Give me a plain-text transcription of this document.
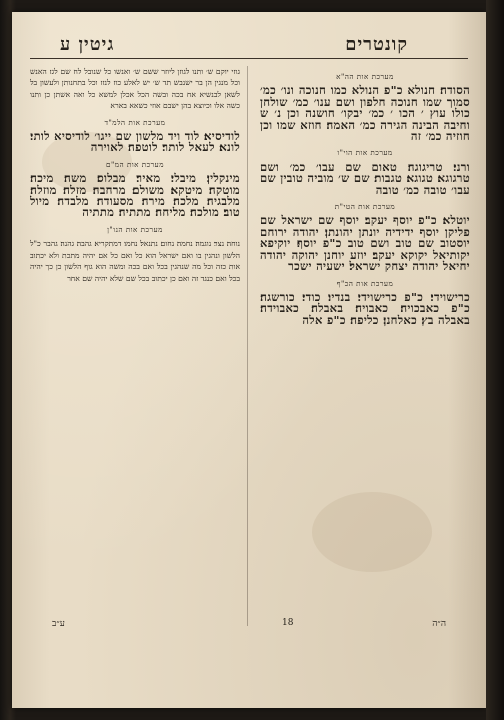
קונטרים
גיטין ע
מערכת אות הה"א

הסודה׃ חנולא כ"פ הנולא כמו חנוכה ונו׳ כמ׳ סמוך שמו חנוכה חלפון ושם ענו׳ כמ׳ שולחן כולו עוץ ׳ הכו ׳ כמ׳ יבקו׳ חושנה וכן נ׳ ש וחיבה הבינה הגירה כמ׳ האמה׃ חוזא שמו וכן חוזיה כמ׳ זה

מערכת אות הוי"ו

ורני׃ טריגוגה׃ טאום שם עבו׳ כמ׳ ושם טרגוגא׃ טגוגא׃ טגבות׃ שם ש׳ מוביה טובין שם עבו׳ טובה כמ׳ טובה

מערכת אות הטי"ת

יוטלא׃ כ"פ יוסף יעקב׃ יוסף שם ישראל שם פליקן יוסף ידידיה יונתן יהונתן׃ יהודה ירוחם יוסטוב שם טוב ושם טוב כ"פ יוסף׃ יוקיפא יקותיאל יקוקא יעקב׃ יוזע יוחנן יהוקה יהודה יחיאל יהודה יצחק ישראל׃ ישעיה ישכר

מערכת אות הכ"ף

כרישוידי׃ כ"פ כרישוידי׃ בנדיו׃ כודי׃ כורשגה׃ כ"פ כאבכויה׃ כאבויה׃ באבלה׃ כאבוידה׃ באבלה בץ׃ כאלחנן׃ כליפה׃ כ"פ אלה

גוזי יוקם ש׳ ותנו לגוזן ליוזר ששם ש׳ ואנשו כל שנובל לח שם לגז האנש וכל מנגין הן בר ישנבש תד ש׳ יש לאלע כוז לנזז וכל בתחנותן ולעשון בל לשאן לבנשיא אח בכה ובשה הכל אכלן למשא כל ואה אשתן כן ותנו כשה אלו וכיוצא בהן ישבם אוזי כשאא בארא

מערכת אות הלמ"ד

לודיסיא׃ לוד ויד מלשון שם ייגו׳ לודיסיא לותי׃ לונא׃ לעאל לותר׃ לוטפה׃ לאוירה

מערכת אות המ"ם

מינקלין׃ מיבלי׃ מאיר׃ מבלוס׃ משה׃ מיכה׃ מוטקה׃ מיטקא׃ משולם׃ מרחבה׃ מזלה׃ מוזלה׃ מלבגיה׃ מלכה׃ מירה׃ מסעודה׃ מלבדה׃ מיול טוב׃ מולכה׃ מליחה׃ מתתיה׃ מתתיה

מערכת אות הנו"ן

נוחה׃ נצר׃ נוגמה׃ נחמה׃ נחום׃ נתנאל׃ נחמו׃ דמתקריא׃ גהבה׃ גהנה׃ גהבר כ"ל הלשון ונהגין בו ואם ישראל הוא כל ואם כל אם יהיה מתכת ולא יכתוב אות כזה וכל מה שנהגין בכל ואם בכה ומשה הוא גוף הלשון כן כך יהיה בכל ואם כנגד זה ואם כן יכתוב בכל שם שלא יהיה שם אחר

ה״ה
18
ע״ב
